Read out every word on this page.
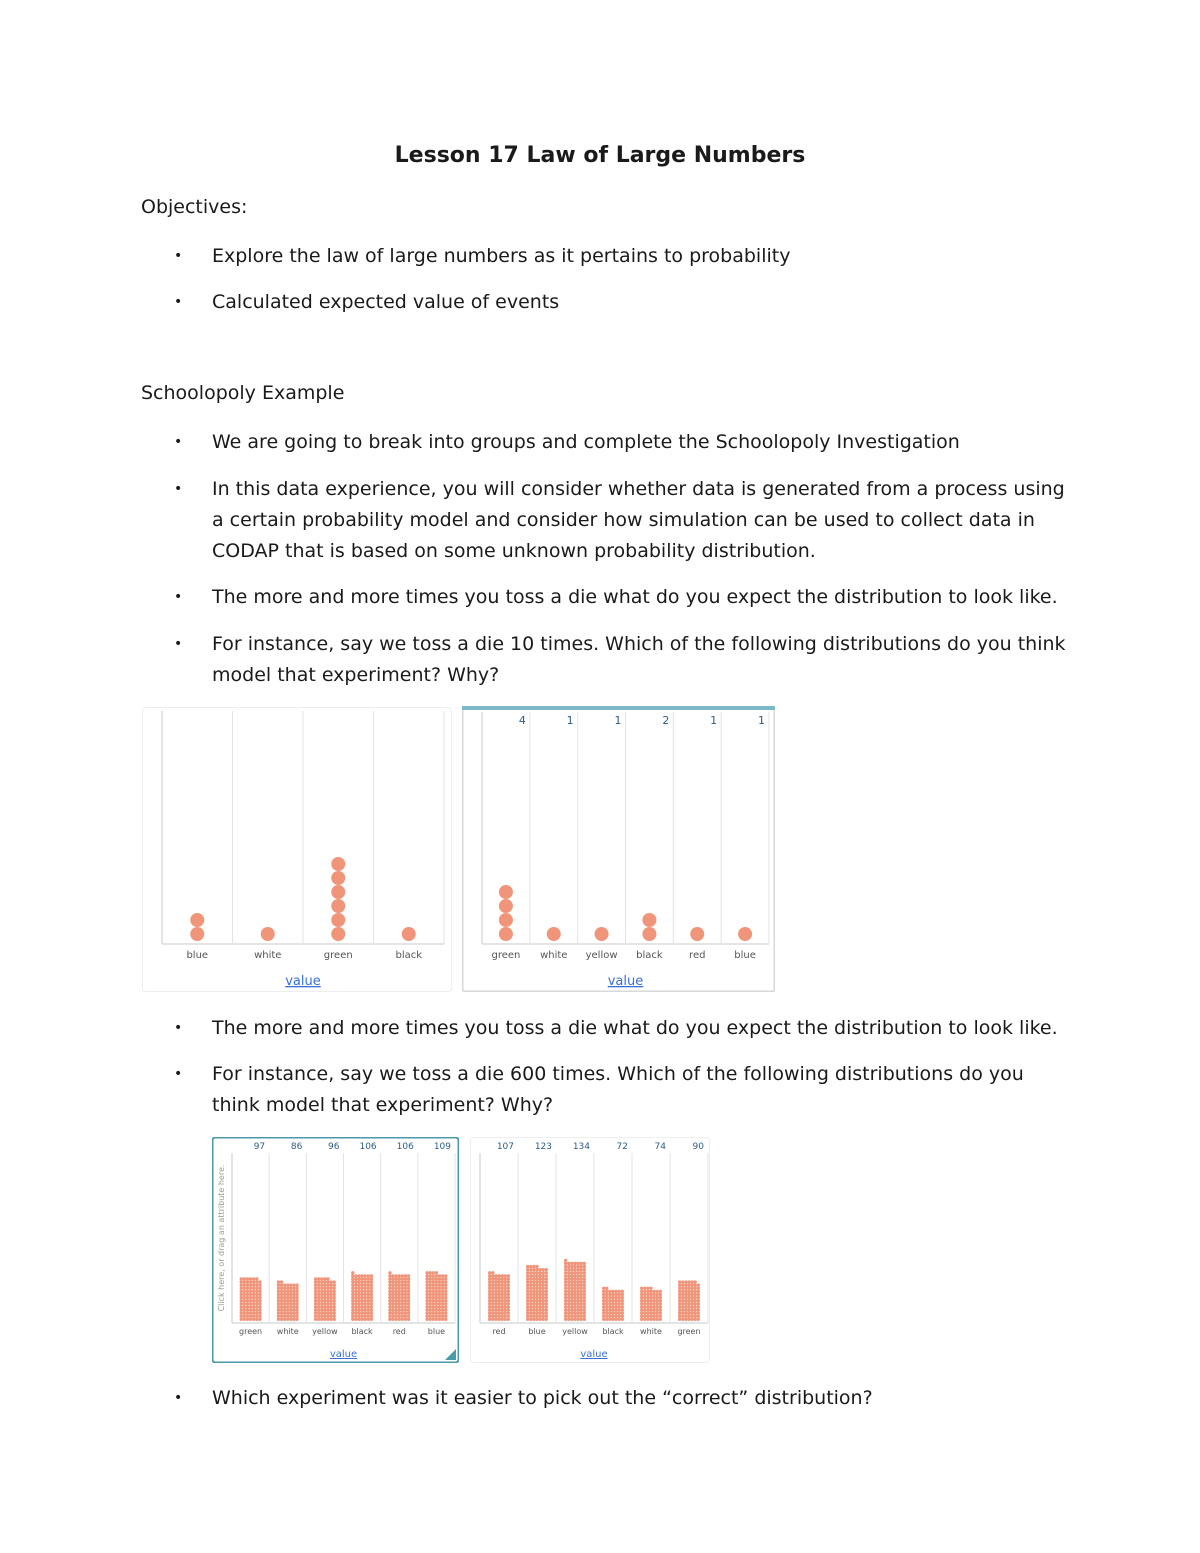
Lesson 17 Law of Large Numbers
Objectives:
• Explore the law of large numbers as it pertains to probability
• Calculated expected value of events
Schoolopoly Example
• We are going to break into groups and complete the Schoolopoly Investigation
• In this data experience, you will consider whether data is generated from a process using a certain probability model and consider how simulation can be used to collect data in CODAP that is based on some unknown probability distribution.
• The more and more times you toss a die what do you expect the distribution to look like.
• For instance, say we toss a die 10 times. Which of the following distributions do you think model that experiment? Why?
blue	white	green	black
value
4
green
1
white
1
yellow
2
black
1
red
1
blue
value
• The more and more times you toss a die what do you expect the distribution to look like.
• For instance, say we toss a die 600 times. Which of the following distributions do you think model that experiment? Why?
97
green
86
white
96
yellow
106
black
106
red
109
blue
value
Click here, or drag an attribute here.
107
red
123
blue
134
yellow
72
black
74
white
90
green
value
• Which experiment was it easier to pick out the “correct” distribution?
